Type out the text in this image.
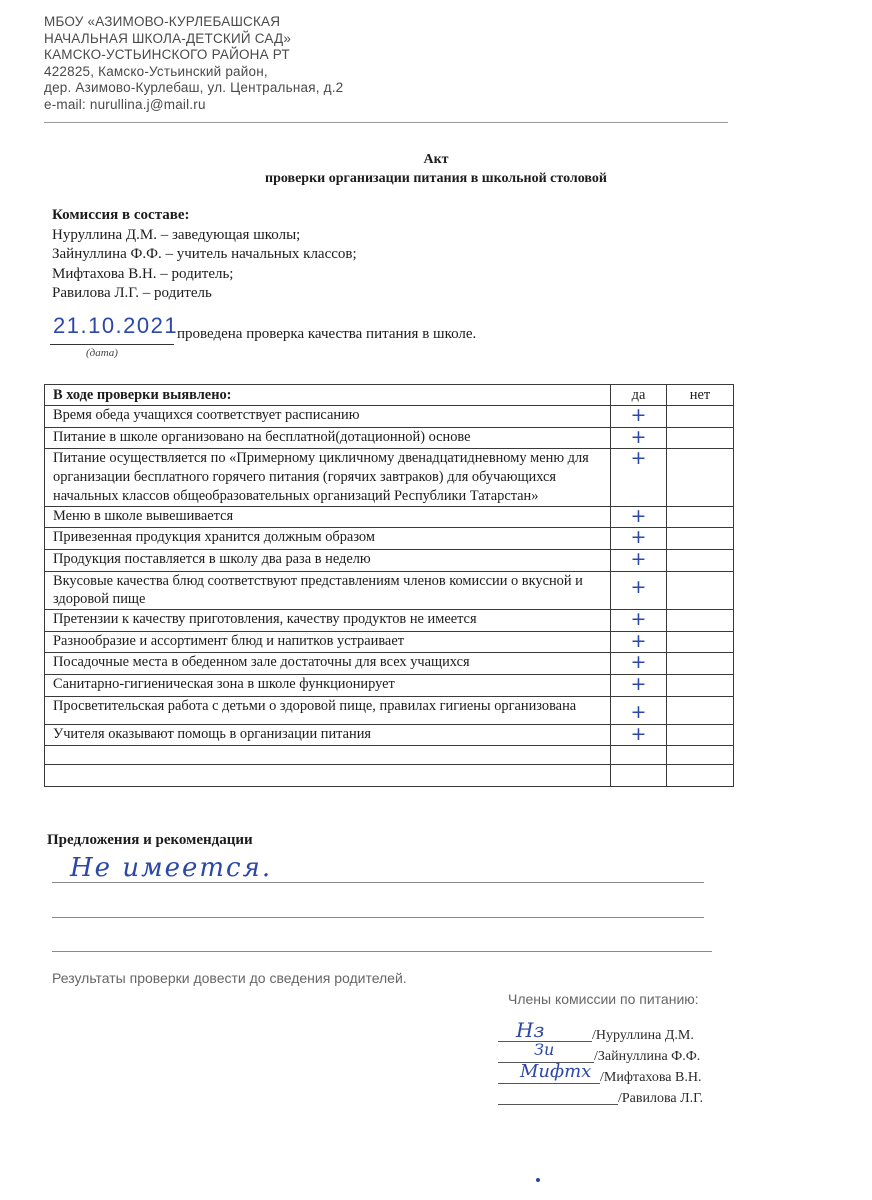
МБОУ «АЗИМОВО-КУРЛЕБАШСКАЯ
НАЧАЛЬНАЯ ШКОЛА-ДЕТСКИЙ САД»
КАМСКО-УСТЬИНСКОГО РАЙОНА РТ
422825, Камско-Устьинский район,
дер. Азимово-Курлебаш, ул. Центральная, д.2
e-mail: nurullina.j@mail.ru
Акт
проверки организации питания в школьной столовой
Комиссия в составе:
Нуруллина Д.М. – заведующая школы;
Зайнуллина Ф.Ф. – учитель начальных классов;
Мифтахова В.Н. – родитель;
Равилова Л.Г. – родитель
21.10.2021
проведена проверка качества питания в школе.
(дата)
В ходе проверки выявлено:	да	нет
Время обеда учащихся соответствует расписанию	+	
Питание в школе организовано на бесплатной(дотационной) основе	+	
Питание осуществляется по «Примерному цикличному двенадцатидневному меню для организации бесплатного горячего питания (горячих завтраков) для обучающихся начальных классов общеобразовательных организаций Республики Татарстан»	+	
Меню в школе вывешивается	+	
Привезенная продукция хранится должным образом	+	
Продукция поставляется в школу два раза в неделю	+	
Вкусовые качества блюд соответствуют представлениям членов комиссии о вкусной и здоровой пище	+	
Претензии к качеству приготовления, качеству продуктов не имеется	+	
Разнообразие и ассортимент блюд и напитков устраивает	+	
Посадочные места в обеденном зале достаточны для всех учащихся	+	
Санитарно-гигиеническая зона в школе функционирует	+	
Просветительская работа с детьми о здоровой пище, правилах гигиены организована	+	
Учителя оказывают помощь в организации питания	+	

Предложения и рекомендации
Не имеется.
Результаты проверки довести до сведения родителей.
Члены комиссии по питанию:
Нз	/Нуруллина Д.М.
Зи	/Зайнуллина Ф.Ф.
Мифтх /Мифтахова В.Н.
/Равилова Л.Г.
